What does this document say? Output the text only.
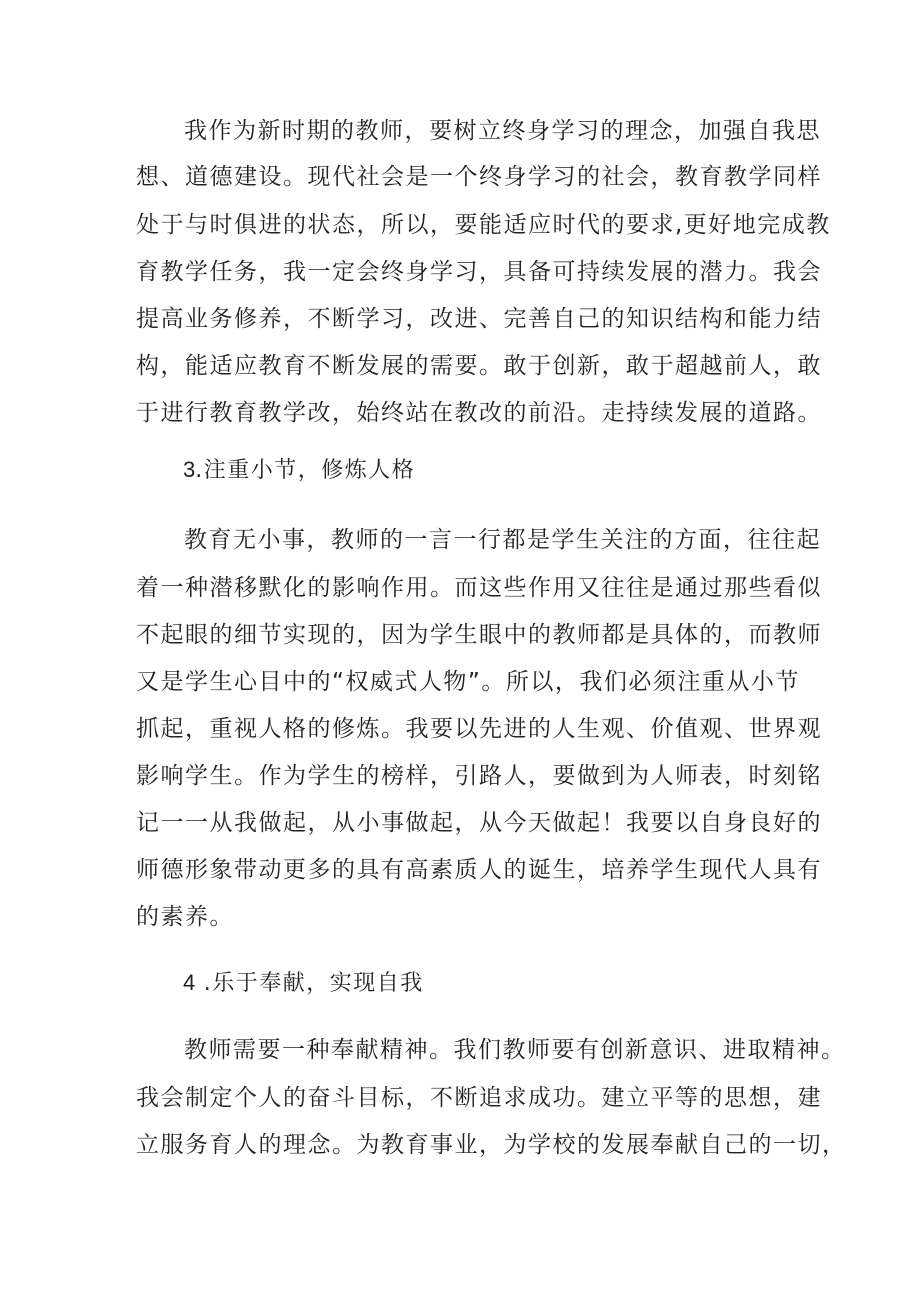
我作为新时期的教师，要树立终身学习的理念，加强自我思
想、道德建设。现代社会是一个终身学习的社会，教育教学同样
处于与时俱进的状态，所以，要能适应时代的要求,更好地完成教
育教学任务，我一定会终身学习，具备可持续发展的潜力。我会
提高业务修养，不断学习，改进、完善自己的知识结构和能力结
构，能适应教育不断发展的需要。敢于创新，敢于超越前人，敢
于进行教育教学改，始终站在教改的前沿。走持续发展的道路。
3.注重小节，修炼人格
教育无小事，教师的一言一行都是学生关注的方面，往往起
着一种潜移默化的影响作用。而这些作用又往往是通过那些看似
不起眼的细节实现的，因为学生眼中的教师都是具体的，而教师
又是学生心目中的“权威式人物”。所以，我们必须注重从小节
抓起，重视人格的修炼。我要以先进的人生观、价值观、世界观
影响学生。作为学生的榜样，引路人，要做到为人师表，时刻铭
记一一从我做起，从小事做起，从今天做起！我要以自身良好的
师德形象带动更多的具有高素质人的诞生，培养学生现代人具有
的素养。
4 .乐于奉献，实现自我
教师需要一种奉献精神。我们教师要有创新意识、进取精神。
我会制定个人的奋斗目标，不断追求成功。建立平等的思想，建
立服务育人的理念。为教育事业，为学校的发展奉献自己的一切，
